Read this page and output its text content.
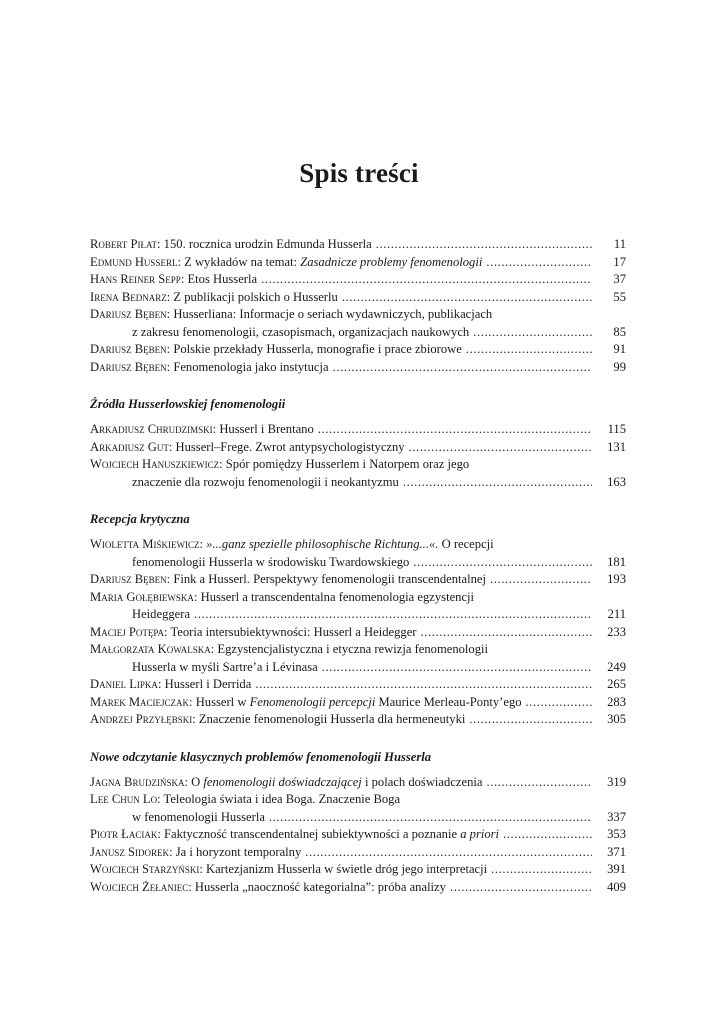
Spis treści
Robert Piłat: 150. rocznica urodzin Edmunda Husserla .....	11
Edmund Husserl: Z wykładów na temat: Zasadnicze problemy fenomenologii .....	17
Hans Reiner Sepp: Etos Husserla .....	37
Irena Bednarz: Z publikacji polskich o Husserlu .....	55
Dariusz Bęben: Husserliana: Informacje o seriach wydawniczych, publikacjach
z zakresu fenomenologii, czasopismach, organizacjach naukowych .....	85
Dariusz Bęben: Polskie przekłady Husserla, monografie i prace zbiorowe .....	91
Dariusz Bęben: Fenomenologia jako instytucja .....	99
Źródła Husserlowskiej fenomenologii
Arkadiusz Chrudzimski: Husserl i Brentano .....	115
Arkadiusz Gut: Husserl–Frege. Zwrot antypsychologistyczny .....	131
Wojciech Hanuszkiewicz: Spór pomiędzy Husserlem i Natorpem oraz jego
znaczenie dla rozwoju fenomenologii i neokantyzmu .....	163
Recepcja krytyczna
Wioletta Miśkiewicz: »...ganz spezielle philosophische Richtung...«. O recepcji
fenomenologii Husserla w środowisku Twardowskiego .....	181
Dariusz Bęben: Fink a Husserl. Perspektywy fenomenologii transcendentalnej .....	193
Maria Gołębiewska: Husserl a transcendentalna fenomenologia egzystencji
Heideggera .....	211
Maciej Potępa: Teoria intersubiektywności: Husserl a Heidegger .....	233
Małgorzata Kowalska: Egzystencjalistyczna i etyczna rewizja fenomenologii
Husserla w myśli Sartre’a i Lévinasa .....	249
Daniel Lipka: Husserl i Derrida .....	265
Marek Maciejczak: Husserl w Fenomenologii percepcji Maurice Merleau-Ponty’ego .....	283
Andrzej Przyłębski: Znaczenie fenomenologii Husserla dla hermeneutyki .....	305
Nowe odczytanie klasycznych problemów fenomenologii Husserla
Jagna Brudzińska: O fenomenologii doświadczającej i polach doświadczenia .....	319
Lee Chun Lo: Teleologia świata i idea Boga. Znaczenie Boga
w fenomenologii Husserla .....	337
Piotr Łaciak: Faktyczność transcendentalnej subiektywności a poznanie a priori .....	353
Janusz Sidorek: Ja i horyzont temporalny .....	371
Wojciech Starzyński: Kartezjanizm Husserla w świetle dróg jego interpretacji .....	391
Wojciech Żełaniec: Husserla „naoczność kategorialna”: próba analizy .....	409
